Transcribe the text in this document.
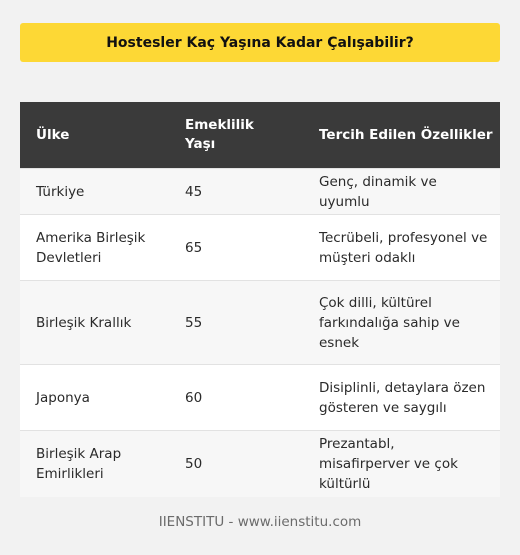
Hostesler Kaç Yaşına Kadar Çalışabilir?
Ülke	Emeklilik Yaşı	Tercih Edilen Özellikler
Türkiye	45	Genç, dinamik ve uyumlu
Amerika Birleşik Devletleri	65	Tecrübeli, profesyonel ve müşteri odaklı
Birleşik Krallık	55	Çok dilli, kültürel farkındalığa sahip ve esnek
Japonya	60	Disiplinli, detaylara özen gösteren ve saygılı
Birleşik Arap Emirlikleri	50	Prezantabl, misafirperver ve çok kültürlü
IIENSTITU - www.iienstitu.com
